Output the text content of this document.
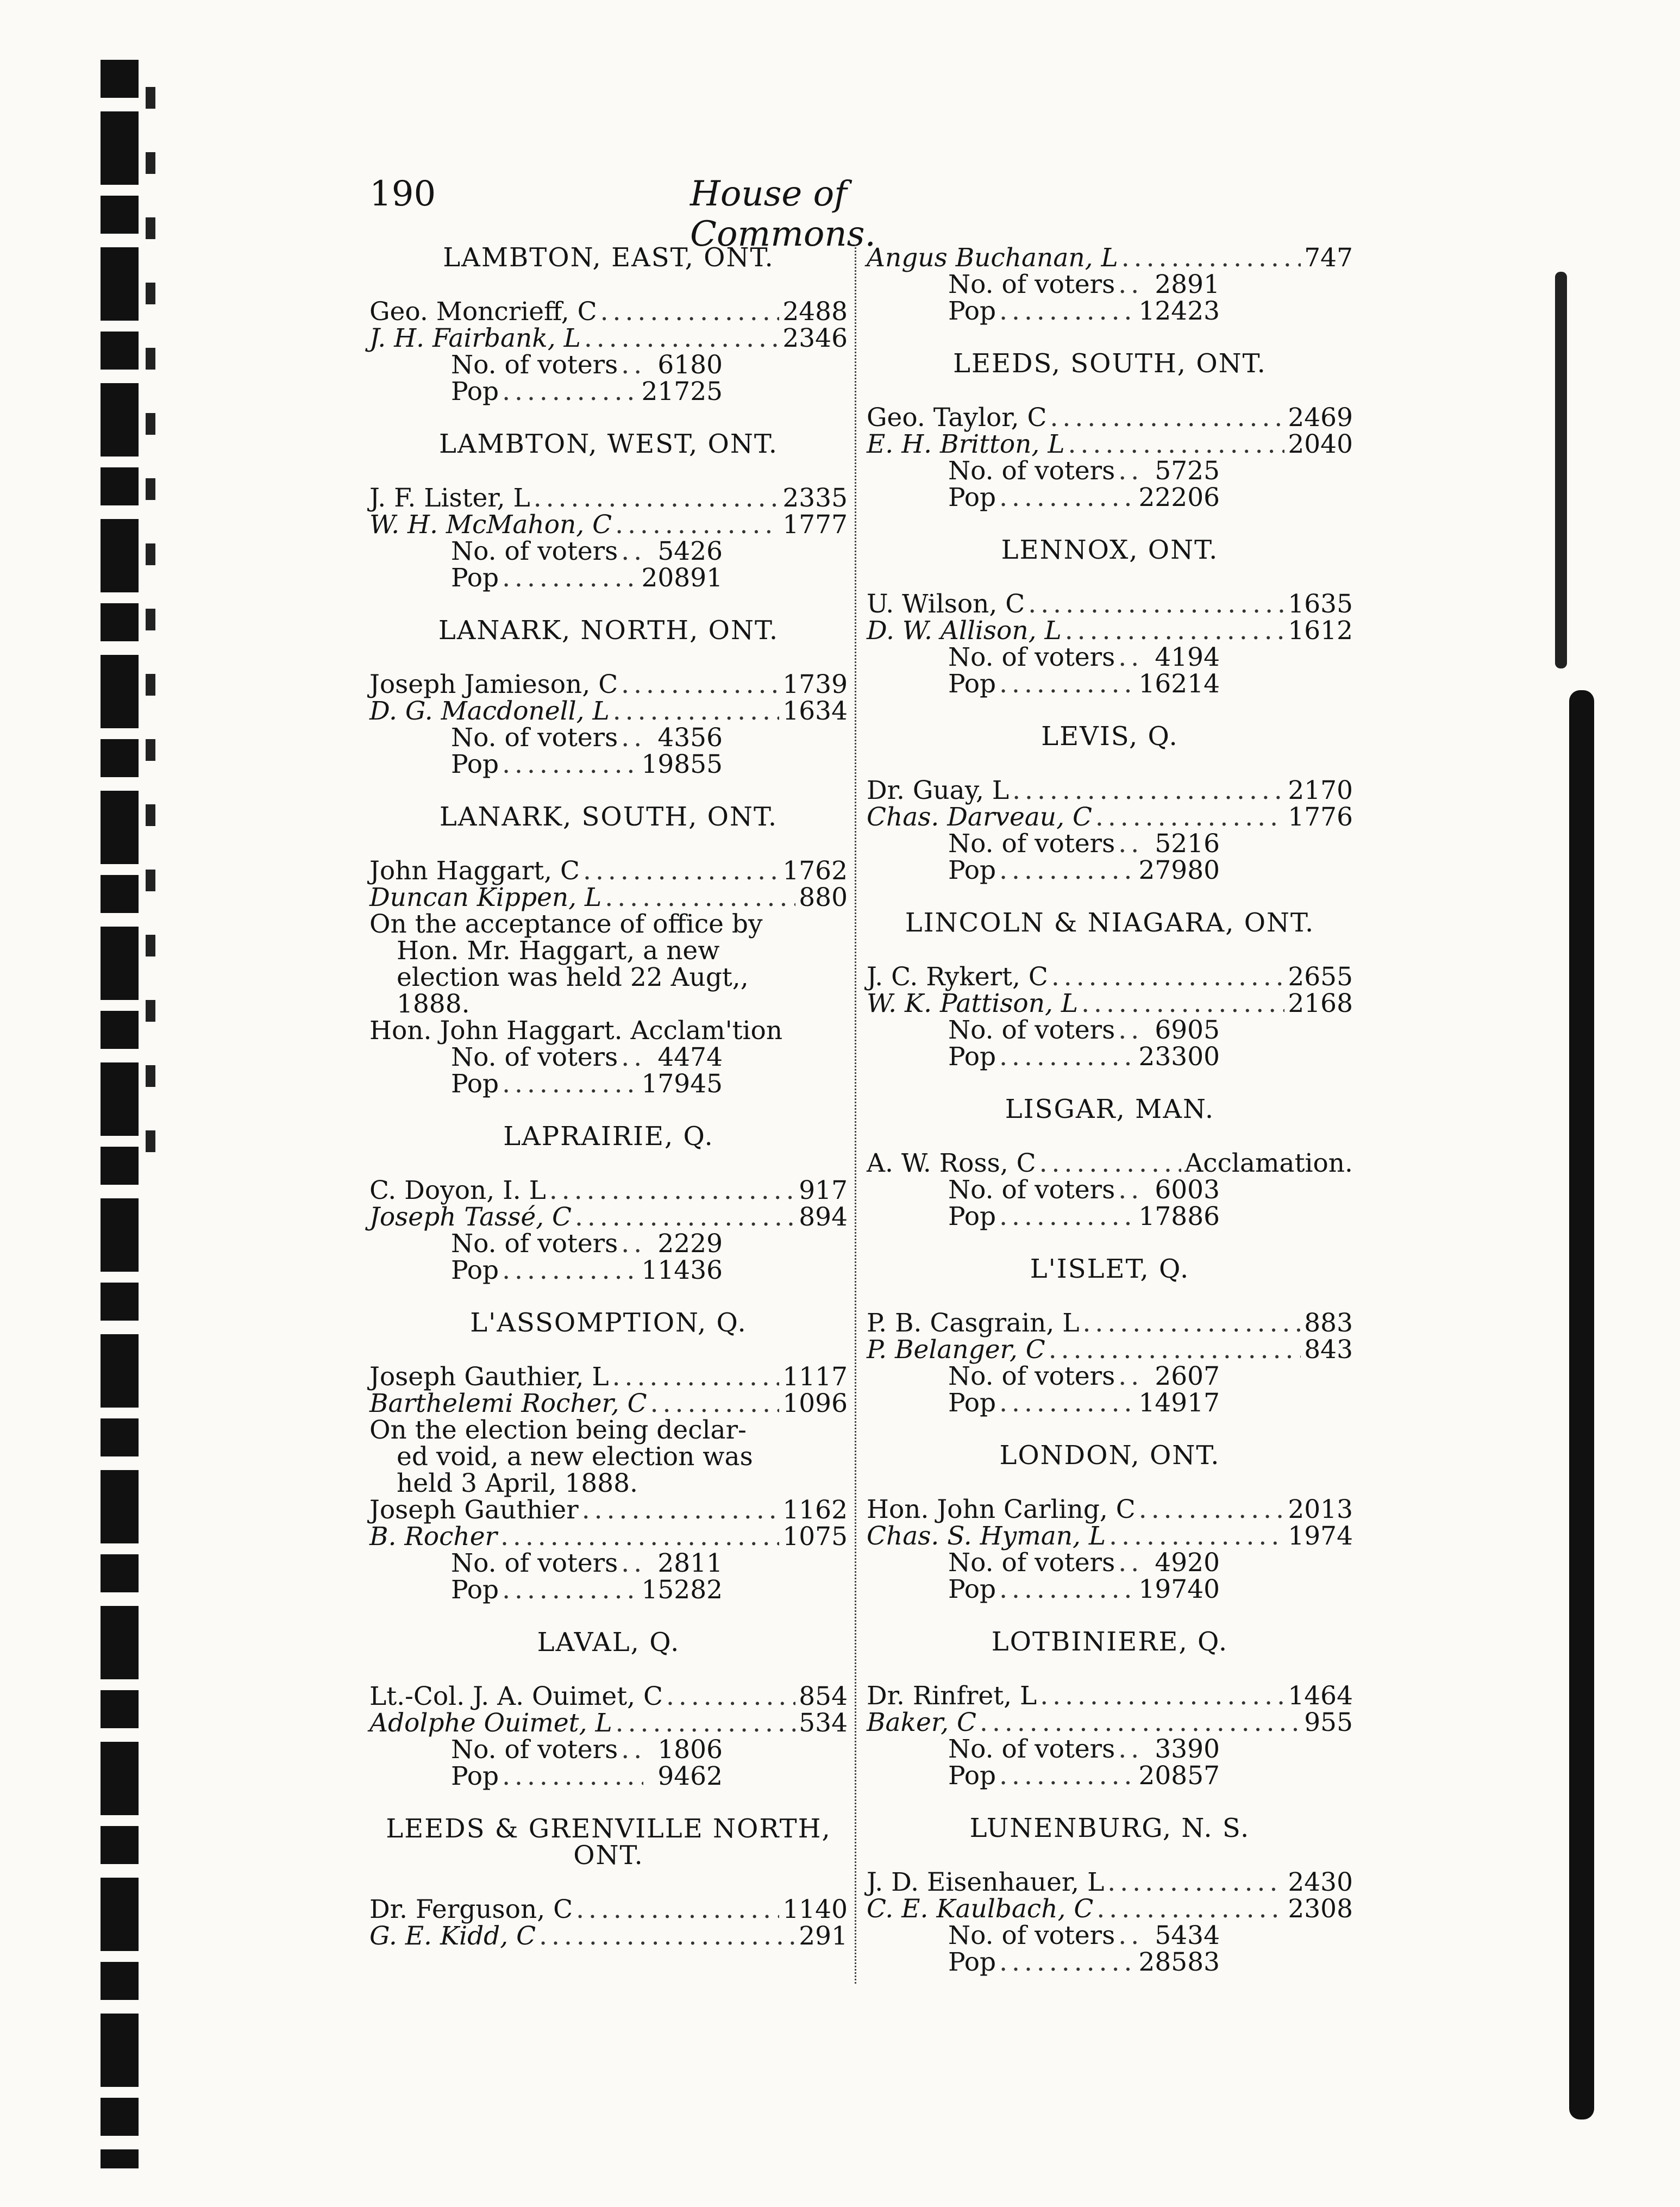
190	House of Commons.
LAMBTON, EAST, ONT.
Geo. Moncrieff, C .....	2488
J. H. Fairbank, L .....	2346
No. of voters .....	6180
Pop .....	21725
LAMBTON, WEST, ONT.
J. F. Lister, L .....	2335
W. H. McMahon, C .....	1777
No. of voters .....	5426
Pop .....	20891
LANARK, NORTH, ONT.
Joseph Jamieson, C .....	1739
D. G. Macdonell, L .....	1634
No. of voters .....	4356
Pop .....	19855
LANARK, SOUTH, ONT.
John Haggart, C .....	1762
Duncan Kippen, L .....	880
On the acceptance of office by
Hon. Mr. Haggart, a new
election was held 22 Augt,,
1888.
Hon. John Haggart. Acclam'tion
No. of voters .....	4474
Pop .....	17945
LAPRAIRIE, Q.
C. Doyon, I. L .....	917
Joseph Tassé, C .....	894
No. of voters .....	2229
Pop .....	11436
L'ASSOMPTION, Q.
Joseph Gauthier, L .....	1117
Barthelemi Rocher, C .....	1096
On the election being declar-
ed void, a new election was
held 3 April, 1888.
Joseph Gauthier .....	1162
B. Rocher .....	1075
No. of voters .....	2811
Pop .....	15282
LAVAL, Q.
Lt.-Col. J. A. Ouimet, C .....	854
Adolphe Ouimet, L .....	534
No. of voters .....	1806
Pop .....	9462
LEEDS & GRENVILLE NORTH, ONT.
Dr. Ferguson, C .....	1140
G. E. Kidd, C .....	291
Angus Buchanan, L .....	747
No. of voters .....	2891
Pop .....	12423
LEEDS, SOUTH, ONT.
Geo. Taylor, C .....	2469
E. H. Britton, L .....	2040
No. of voters .....	5725
Pop .....	22206
LENNOX, ONT.
U. Wilson, C .....	1635
D. W. Allison, L .....	1612
No. of voters .....	4194
Pop .....	16214
LEVIS, Q.
Dr. Guay, L .....	2170
Chas. Darveau, C .....	1776
No. of voters .....	5216
Pop .....	27980
LINCOLN & NIAGARA, ONT.
J. C. Rykert, C .....	2655
W. K. Pattison, L .....	2168
No. of voters .....	6905
Pop .....	23300
LISGAR, MAN.
A. W. Ross, C .....	Acclamation.
No. of voters .....	6003
Pop .....	17886
L'ISLET, Q.
P. B. Casgrain, L .....	883
P. Belanger, C .....	843
No. of voters .....	2607
Pop .....	14917
LONDON, ONT.
Hon. John Carling, C .....	2013
Chas. S. Hyman, L .....	1974
No. of voters .....	4920
Pop .....	19740
LOTBINIERE, Q.
Dr. Rinfret, L .....	1464
Baker, C .....	955
No. of voters .....	3390
Pop .....	20857
LUNENBURG, N. S.
J. D. Eisenhauer, L .....	2430
C. E. Kaulbach, C .....	2308
No. of voters .....	5434
Pop .....	28583
